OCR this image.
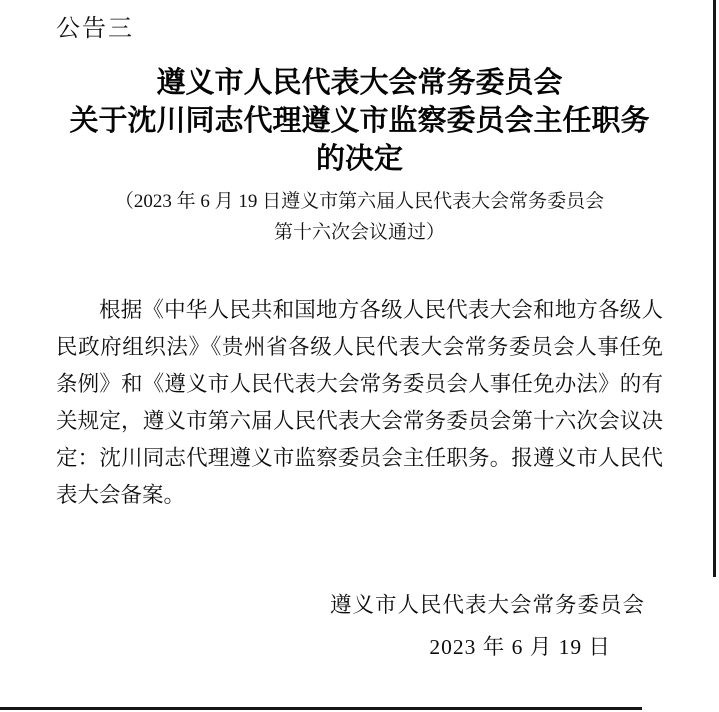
公告三
遵义市人民代表大会常务委员会
关于沈川同志代理遵义市监察委员会主任职务
的决定
（2023 年 6 月 19 日遵义市第六届人民代表大会常务委员会
第十六次会议通过）
根据《中华人民共和国地方各级人民代表大会和地方各级人
民政府组织法》《贵州省各级人民代表大会常务委员会人事任免
条例》和《遵义市人民代表大会常务委员会人事任免办法》的有
关规定，遵义市第六届人民代表大会常务委员会第十六次会议决
定：沈川同志代理遵义市监察委员会主任职务。报遵义市人民代
表大会备案。
遵义市人民代表大会常务委员会
2023 年 6 月 19 日
